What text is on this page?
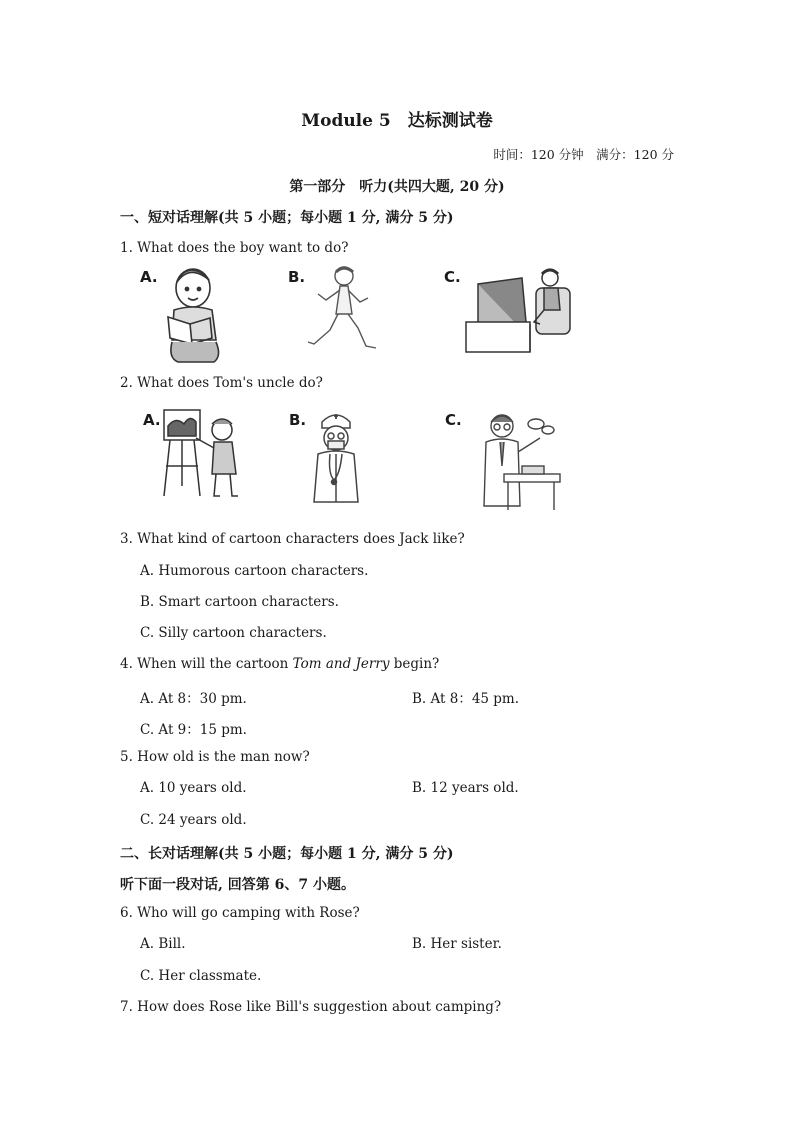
Module 5　达标测试卷
时间：120 分钟　满分：120 分
第一部分　听力(共四大题, 20 分)
一、短对话理解(共 5 小题；每小题 1 分, 满分 5 分)
1. What does the boy want to do?
A.	B.	C.
2. What does Tom's uncle do?
A.	B.	C.
3. What kind of cartoon characters does Jack like?
A. Humorous cartoon characters.
B. Smart cartoon characters.
C. Silly cartoon characters.
4. When will the cartoon Tom and Jerry begin?
A. At 8：30 pm.	B. At 8：45 pm.
C. At 9：15 pm.
5. How old is the man now?
A. 10 years old.	B. 12 years old.
C. 24 years old.
二、长对话理解(共 5 小题；每小题 1 分, 满分 5 分)
听下面一段对话, 回答第 6、7 小题。
6. Who will go camping with Rose?
A. Bill.	B. Her sister.
C. Her classmate.
7. How does Rose like Bill's suggestion about camping?
